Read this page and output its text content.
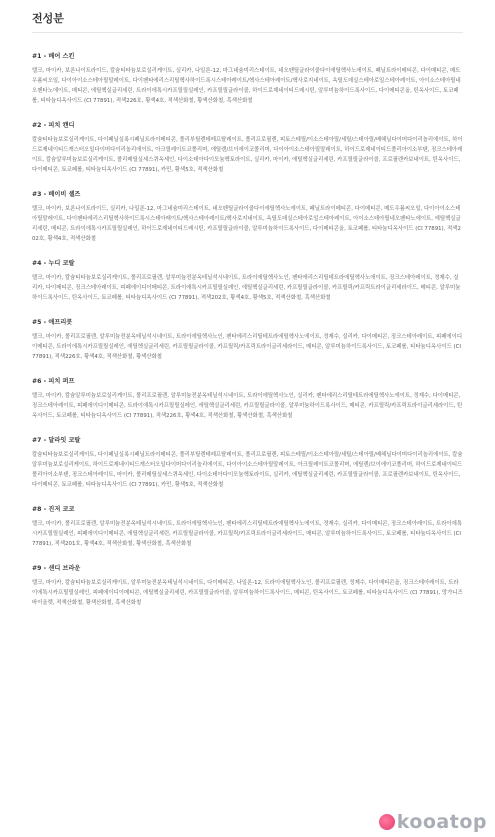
전성분
#1 - 베어 스킨
탤크, 마이카, 보론나이트라이드, 칼슘티타늄보로실리케이트, 실리카, 나일론-12, 마그네슘미리스테이트, 네오펜틸글라이콜다이에틸헥사노에이트, 페닐트라이메티콘, 다이메티콘, 메도우폼씨오일, 다이아이소스테아릴말레이트, 다이펜타에리스리틸헥사하이드록시스테아레이트/헥사스테아레이트/헥사로지네이트, 옥틸도데실스테아로일스테아레이트, 아이소스테아릴네오펜타노에이트, 메티콘, 에틸헥실글리세린, 트라이에톡시카프릴릴실레인, 카프릴릴글라이콜, 하이드로제네이티드레시틴, 알루미늄하이드록사이드, 다이메티콘올, 틴옥사이드, 토코페롤, 티타늄디옥사이드 (CI 77891), 적색226호, 황색4호, 적색산화철, 황색산화철, 흑색산화철
#2 - 피치 캔디
칼슘티타늄보로실리케이트, 다이페닐실록시페닐트라이메티콘, 폴리부틸렌테레프탈레이트, 폴리프로필렌, 피토스테릴/이소스테아릴/세틸/스테아릴/베헤닐다이머다이리놀리에이트, 하이드로제네이티드캐스터오일다이머다이리놀리에이트, 아크릴레이트코폴리머, 에틸렌/브이에이코폴리머, 다이아이소스테아릴말레이트, 하이드로제네이티드폴리아이소부텐, 징크스테아레이트, 칼슘알루미늄보로실리케이트, 폴리메틸실세스퀴옥세인, 다이소테아다이모늄헥토라이트, 실리카, 마이카, 에틸헥실글리세린, 카프릴릴글라이콜, 프로필렌카보네이트, 틴옥사이드, 다이메티콘, 토코페롤, 티타늄디옥사이드 (CI 77891), 카민, 황색5호, 적색산화철
#3 - 베이비 셸즈
탤크, 마이카, 보론나이트라이드, 실리카, 나일론-12, 마그네슘미리스테이트, 네오펜틸글라이콜다이에틸헥사노에이트, 페닐트라이메티콘, 다이메티콘, 메도우폼씨오일, 다이아이소스테아릴말레이트, 다이펜타에리스리틸헥사하이드록시스테아레이트/헥사스테아레이트/헥사로지네이트, 옥틸도데실스테아로일스테아레이트, 아이소스테아릴네오펜타노에이트, 에틸헥실글리세린, 메티콘, 트라이에톡시카프릴릴실레인, 하이드로제네이티드레시틴, 카프릴릴글라이콜, 알루미늄하이드록사이드, 다이메티콘올, 토코페롤, 티타늄디옥사이드 (CI 77891), 적색202호, 황색4호, 적색산화철
#4 - 누디 코랄
탤크, 마이카, 칼슘티타늄보로실리케이트, 폴리프로필렌, 알루미늄전분옥테닐석시네이트, 트라이에틸헥사노인, 펜타에리스리틸테트라에틸헥사노에이트, 징크스테아레이트, 정제수, 실리카, 다이메티콘, 징크스테아레이트, 피페에이디이메티콘, 트라이에톡시카프릴릴실레인, 에틸헥실글리세린, 카프릴릴글라이콜, 카프릴릭/카프릭트라이글리세라이드, 메티콘, 알루미늄하이드록사이드, 틴옥사이드, 토코페롤, 티타늄디옥사이드 (CI 77891), 적색202호, 황색4호, 황색5호, 적색산화철, 흑색산화철
#5 - 애프리콧
탤크, 마이카, 폴리프로필렌, 알루미늄전분옥테닐석시네이트, 트라이에틸헥사노인, 펜타에리스리틸테트라에틸헥사노에이트, 정제수, 실리카, 다이메티콘, 징크스테아레이트, 피페에이디이메티콘, 트라이에톡시카프릴릴실레인, 에틸헥실글리세린, 카프릴릴글라이콜, 카프릴릭/카프릭트라이글리세라이드, 메티콘, 알루미늄하이드록사이드, 토코페롤, 티타늄디옥사이드 (CI 77891), 적색226호, 황색4호, 적색산화철, 황색산화철
#6 - 피치 퍼프
탤크, 마이카, 칼슘알루미늄보로실리케이트, 폴리프로필렌, 알루미늄전분옥테닐석시네이트, 트라이에틸헥사노인, 실리카, 펜타에리스리틸테트라에틸헥사노에이트, 정제수, 다이메티콘, 징크스테아레이트, 피페에이디이메티콘, 트라이에톡시카프릴릴실레인, 에틸헥실글리세린, 카프릴릴글라이콜, 알루미늄하이드록사이드, 메티콘, 카프릴릭/카프릭트라이글리세라이드, 틴옥사이드, 토코페롤, 티타늄디옥사이드 (CI 77891), 적색226호, 황색4호, 적색산화철, 황색산화철, 흑색산화철
#7 - 달라잇 코랄
칼슘티타늄보로실리케이트, 다이페닐실록시페닐트라이메티콘, 폴리부틸렌테레프탈레이트, 폴리프로필렌, 피토스테릴/이소스테아릴/세틸/스테아릴/베헤닐다이머다이리놀리에이트, 칼슘알루미늄보로실리케이트, 하이드로제네이티드캐스터오일다이머다이리놀리에이트, 다이아이소스테아릴말레이트, 아크릴레이트코폴리머, 에틸렌/브이에이코폴리머, 하이드로제네이티드폴리아이소부텐, 징크스테아레이트, 마이카, 폴리메틸실세스퀴옥세인, 다이소테아다이모늄헥토라이트, 실리카, 에틸헥실글리세린, 카프릴릴글라이콜, 프로필렌카보네이트, 틴옥사이드, 다이메티콘, 토코페롤, 티타늄디옥사이드 (CI 77891), 카민, 황색5호, 적색산화철
#8 - 진저 코코
탤크, 마이카, 폴리프로필렌, 알루미늄전분옥테닐석시네이트, 트라이에틸헥사노인, 펜타에리스리틸테트라에틸헥사노에이트, 정제수, 실리카, 다이메티콘, 징크스테아레이트, 트라이에톡시카프릴릴실레인, 피페에이디이메티콘, 에틸헥실글리세린, 카프릴릴글라이콜, 카프릴릭/카프릭트라이글리세라이드, 메티콘, 알루미늄하이드록사이드, 토코페롤, 티타늄디옥사이드 (CI 77891), 적색201호, 황색4호, 적색산화철, 황색산화철, 흑색산화철
#9 - 샌디 브라운
탤크, 마이카, 칼슘티타늄보로실리케이트, 알루미늄전분옥테닐석시네이트, 다이메티콘, 나일론-12, 트라이에틸헥사노인, 폴리프로필렌, 정제수, 다이메티콘올, 징크스테아레이트, 트라이에톡시카프릴릴실레인, 피페에이디이메티콘, 에틸헥실글리세린, 카프릴릴글라이콜, 알루미늄하이드록사이드, 메티콘, 틴옥사이드, 토코페롤, 티타늄디옥사이드 (CI 77891), 망가니즈바이올렛, 적색산화철, 황색산화철, 흑색산화철
kooatop
